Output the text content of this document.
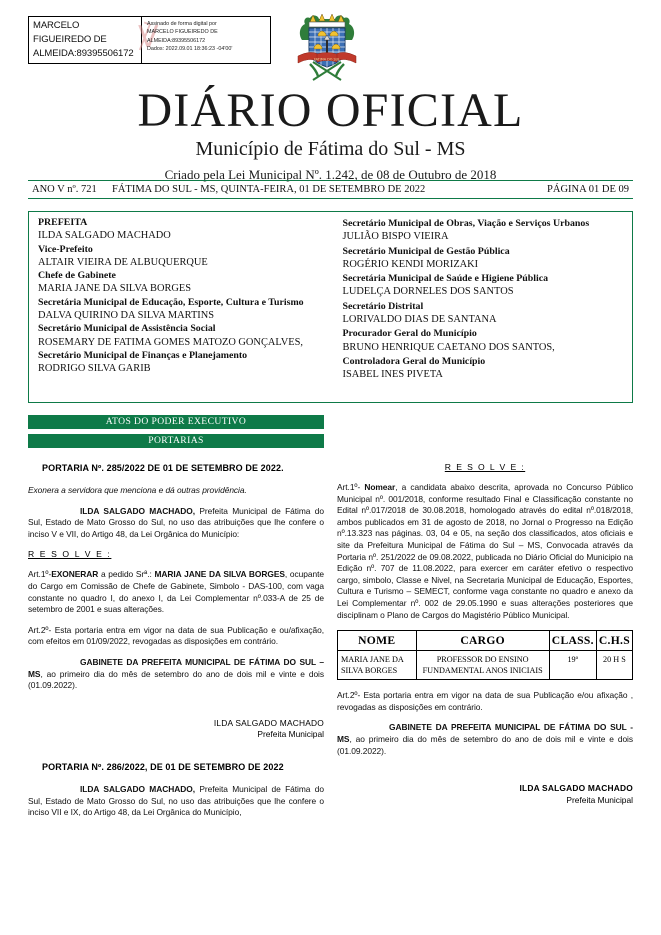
MARCELO FIGUEIREDO DE ALMEIDA:89395506172 ℣
Assinado de forma digital por
MARCELO FIGUEIREDO DE
ALMEIDA:89395506172
Dados: 2022.09.01 18:36:23 -04'00'
FATIMA DO SUL
DIÁRIO OFICIAL
Município de Fátima do Sul - MS
Criado pela Lei Municipal Nº. 1.242, de 08 de Outubro de 2018
ANO V nº. 721	FÁTIMA DO SUL - MS, QUINTA-FEIRA, 01 DE SETEMBRO DE 2022	PÁGINA 01 DE 09
PREFEITA
ILDA SALGADO MACHADO
Vice-Prefeito
ALTAIR VIEIRA DE ALBUQUERQUE
Chefe de Gabinete
MARIA JANE DA SILVA BORGES
Secretária Municipal de Educação, Esporte, Cultura e Turismo
DALVA QUIRINO DA SILVA MARTINS
Secretário Municipal de Assistência Social
ROSEMARY DE FATIMA GOMES MATOZO GONÇALVES,
Secretário Municipal de Finanças e Planejamento
RODRIGO SILVA GARIB
Secretário Municipal de Obras, Viação e Serviços Urbanos
JULIÃO BISPO VIEIRA
Secretário Municipal de Gestão Pública
ROGÉRIO KENDI MORIZAKI
Secretária Municipal de Saúde e Higiene Pública
LUDELÇA DORNELES DOS SANTOS
Secretário Distrital
LORIVALDO DIAS DE SANTANA
Procurador Geral do Município
BRUNO HENRIQUE CAETANO DOS SANTOS,
Controladora Geral do Município
ISABEL INES PIVETA
ATOS DO PODER EXECUTIVO
PORTARIAS
PORTARIA Nº. 285/2022 DE 01 DE SETEMBRO DE 2022.
Exonera a servidora que menciona e dá outras providência.
ILDA SALGADO MACHADO, Prefeita Municipal de Fátima do Sul, Estado de Mato Grosso do Sul, no uso das atribuições que lhe confere o inciso V e VII, do Artigo 48, da Lei Orgânica do Município:
R E S O L V E :
Art.1º-EXONERAR a pedido Srª.: MARIA JANE DA SILVA BORGES, ocupante do Cargo em Comissão de Chefe de Gabinete, Simbolo - DAS-100, com vaga constante no quadro I, do anexo I, da Lei Complementar nº.033-A de 25 de setembro de 2001 e suas alterações.
Art.2º- Esta portaria entra em vigor na data de sua Publicação e ou/afixação, com efeitos em 01/09/2022, revogadas as disposições em contrário.
GABINETE DA PREFEITA MUNICIPAL DE FÁTIMA DO SUL – MS, ao primeiro dia do mês de setembro do ano de dois mil e vinte e dois (01.09.2022).
ILDA SALGADO MACHADO
Prefeita Municipal
PORTARIA Nº. 286/2022, DE 01 DE SETEMBRO DE 2022
ILDA SALGADO MACHADO, Prefeita Municipal de Fátima do Sul, Estado de Mato Grosso do Sul, no uso das atribuições que lhe confere o inciso VII e IX, do Artigo 48, da Lei Orgânica do Município,
R E S O L V E :
Art.1º- Nomear, a candidata abaixo descrita, aprovada no Concurso Público Municipal nº. 001/2018, conforme resultado Final e Classificação constante no Edital nº.017/2018 de 30.08.2018, homologado através do edital nº.018/2018, ambos publicados em 31 de agosto de 2018, no Jornal o Progresso na Edição nº.13.323 nas páginas. 03, 04 e 05, na seção dos classificados, atos oficiais e site da Prefeitura Municipal de Fátima do Sul – MS, Convocada através da Portaria nº. 251/2022 de 09.08.2022, publicada no Diário Oficial do Municipio na Edição nº. 707 de 11.08.2022, para exercer em caráter efetivo o respectivo cargo, simbolo, Classe e Nivel, na Secretaria Municipal de Educação, Esportes, Cultura e Turismo – SEMECT, conforme vaga constante no quadro e anexo da Lei Complementar nº. 002 de 29.05.1990 e suas alterações posteriores que disciplinam o Plano de Cargos do Magistério Público Municipal.
NOME	CARGO	CLASS.	C.H.S
MARIA JANE DA SILVA BORGES	PROFESSOR DO ENSINO FUNDAMENTAL ANOS INICIAIS	19º	20 H S
Art.2º- Esta portaria entra em vigor na data de sua Publicação e/ou afixação , revogadas as disposições em contrário.
GABINETE DA PREFEITA MUNICIPAL DE FÁTIMA DO SUL - MS, ao primeiro dia do mês de setembro do ano de dois mil e vinte e dois (01.09.2022).
ILDA SALGADO MACHADO
Prefeita Municipal
